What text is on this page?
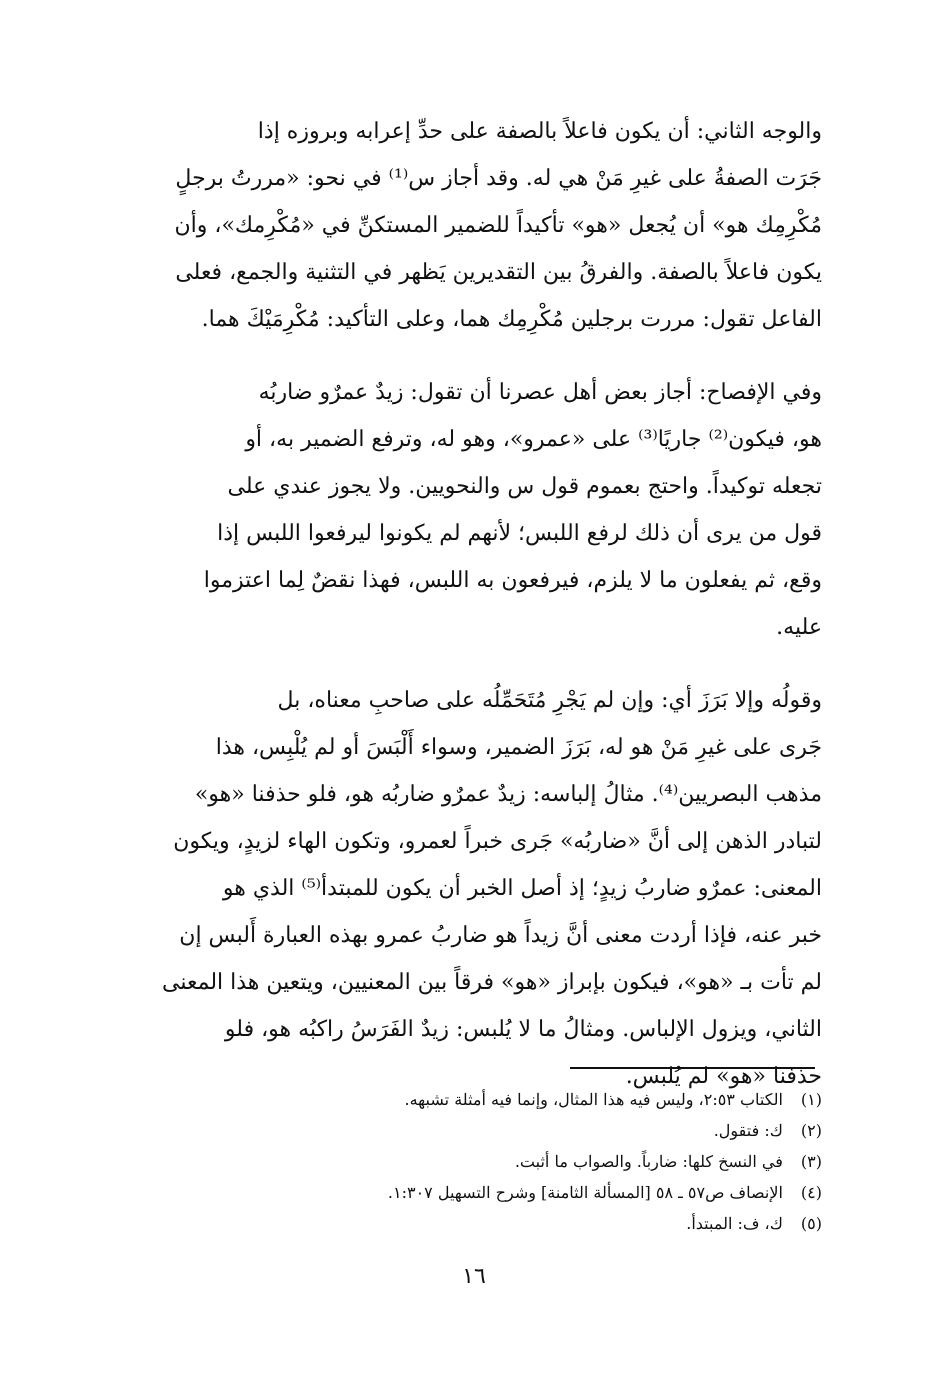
والوجه الثاني: أن يكون فاعلاً بالصفة على حدِّ إعرابه وبروزه إذا
جَرَت الصفةُ على غيرِ مَنْ هي له. وقد أجاز س⁽¹⁾ في نحو: «مررتُ برجلٍ
مُكْرِمِك هو» أن يُجعل «هو» تأكيداً للضمير المستكنِّ في «مُكْرِمك»، وأن
يكون فاعلاً بالصفة. والفرقُ بين التقديرين يَظهر في التثنية والجمع، فعلى
الفاعل تقول: مررت برجلين مُكْرِمِك هما، وعلى التأكيد: مُكْرِمَيْكَ هما.

وفي الإفصاح: أجاز بعض أهل عصرنا أن تقول: زيدٌ عمرٌو ضاربُه
هو، فيكون⁽²⁾ جاريًا⁽³⁾ على «عمرو»، وهو له، وترفع الضمير به، أو
تجعله توكيداً. واحتج بعموم قول س والنحويين. ولا يجوز عندي على
قول من يرى أن ذلك لرفع اللبس؛ لأنهم لم يكونوا ليرفعوا اللبس إذا
وقع، ثم يفعلون ما لا يلزم، فيرفعون به اللبس، فهذا نقضٌ لِما اعتزموا
عليه.

وقولُه وإلا بَرَزَ أي: وإن لم يَجْرِ مُتَحَمِّلُه على صاحبِ معناه، بل
جَرى على غيرِ مَنْ هو له، بَرَزَ الضمير، وسواء أَلْبَسَ أو لم يُلْبِس، هذا
مذهب البصريين⁽⁴⁾. مثالُ إلباسه: زيدٌ عمرٌو ضاربُه هو، فلو حذفنا «هو»
لتبادر الذهن إلى أنَّ «ضاربُه» جَرى خبراً لعمرو، وتكون الهاء لزيدٍ، ويكون
المعنى: عمرٌو ضاربُ زيدٍ؛ إذ أصل الخبر أن يكون للمبتدأ⁽⁵⁾ الذي هو
خبر عنه، فإذا أردت معنى أنَّ زيداً هو ضاربُ عمرو بهذه العبارة أَلبس إن
لم تأت بـ «هو»، فيكون بإبراز «هو» فرقاً بين المعنيين، ويتعين هذا المعنى
الثاني، ويزول الإلباس. ومثالُ ما لا يُلبس: زيدٌ الفَرَسُ راكبُه هو، فلو
حذفنا «هو» لم يُلبس.

(١) الكتاب ٢:٥٣، وليس فيه هذا المثال، وإنما فيه أمثلة تشبهه.
(٢) ك: فتقول.
(٣) في النسخ كلها: ضارباً. والصواب ما أثبت.
(٤) الإنصاف ص٥٧ ـ ٥٨ [المسألة الثامنة] وشرح التسهيل ١:٣٠٧.
(٥) ك، ف: المبتدأ.
١٦
